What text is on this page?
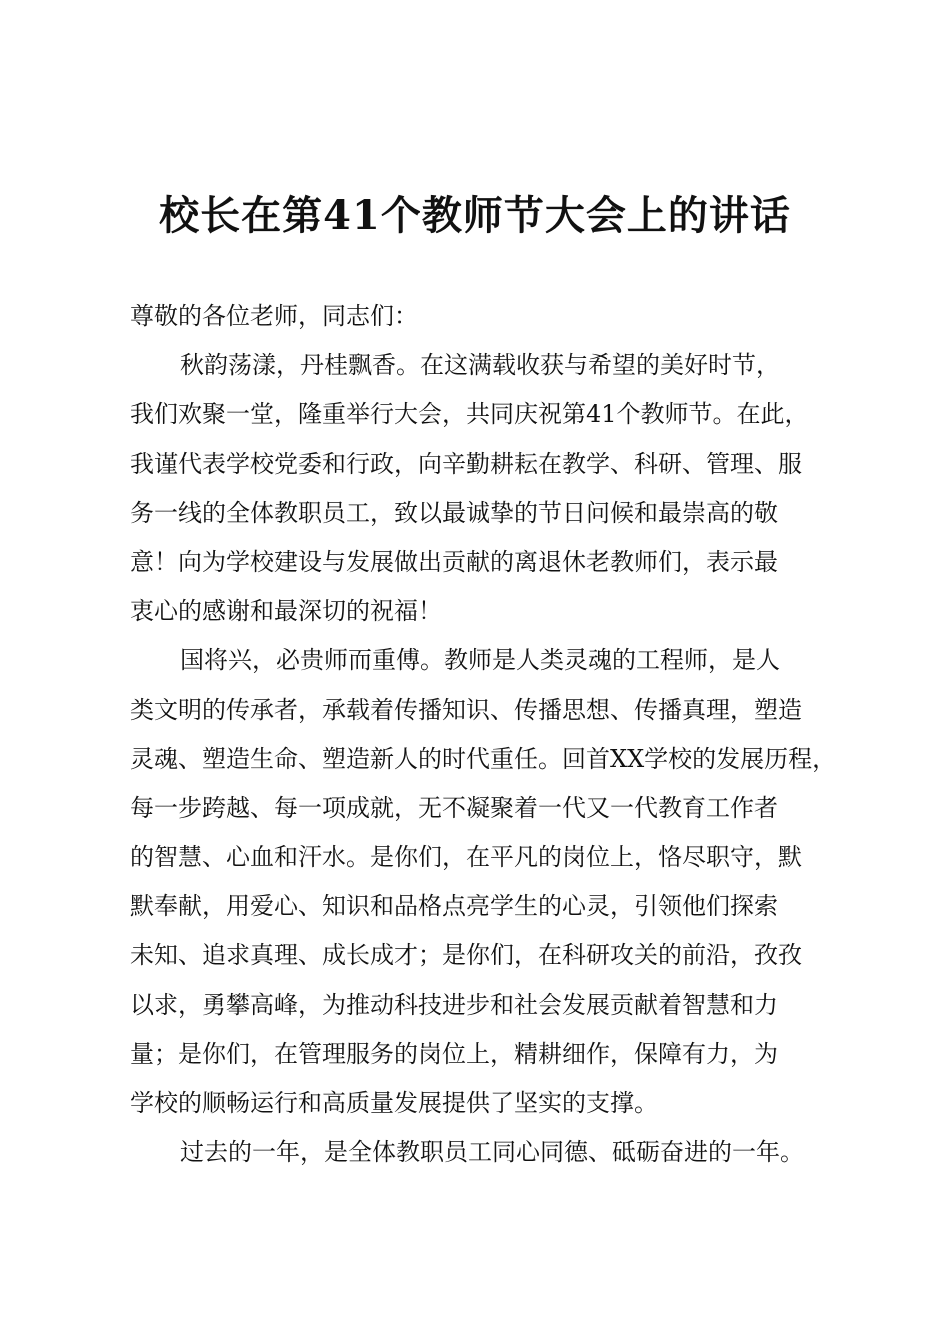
校长在第41个教师节大会上的讲话
尊敬的各位老师，同志们：
秋韵荡漾，丹桂飘香。在这满载收获与希望的美好时节，
我们欢聚一堂，隆重举行大会，共同庆祝第41个教师节。在此，
我谨代表学校党委和行政，向辛勤耕耘在教学、科研、管理、服
务一线的全体教职员工，致以最诚挚的节日问候和最崇高的敬
意！向为学校建设与发展做出贡献的离退休老教师们，表示最
衷心的感谢和最深切的祝福！
国将兴，必贵师而重傅。教师是人类灵魂的工程师，是人
类文明的传承者，承载着传播知识、传播思想、传播真理，塑造
灵魂、塑造生命、塑造新人的时代重任。回首XX学校的发展历程，
每一步跨越、每一项成就，无不凝聚着一代又一代教育工作者
的智慧、心血和汗水。是你们，在平凡的岗位上，恪尽职守，默
默奉献，用爱心、知识和品格点亮学生的心灵，引领他们探索
未知、追求真理、成长成才；是你们，在科研攻关的前沿，孜孜
以求，勇攀高峰，为推动科技进步和社会发展贡献着智慧和力
量；是你们，在管理服务的岗位上，精耕细作，保障有力，为
学校的顺畅运行和高质量发展提供了坚实的支撑。
过去的一年，是全体教职员工同心同德、砥砺奋进的一年。
